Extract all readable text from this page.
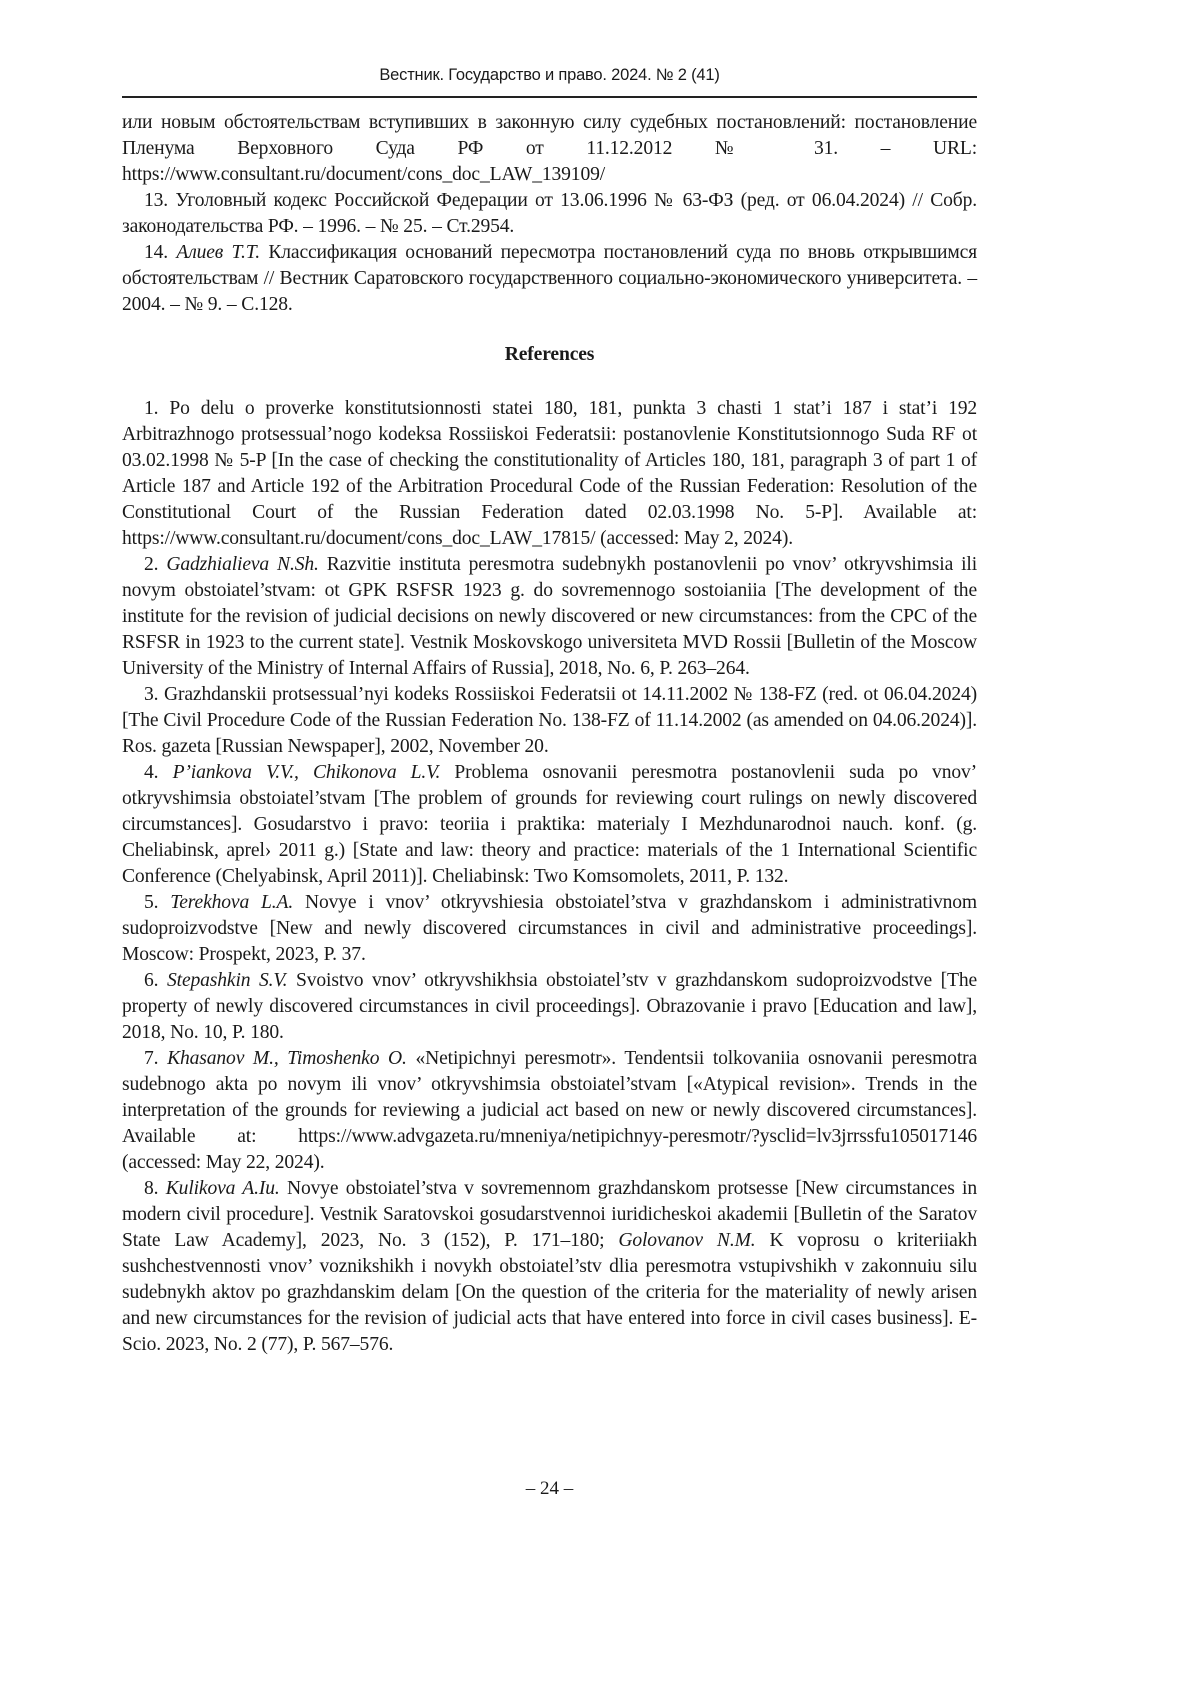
Вестник. Государство и право. 2024. № 2 (41)

или новым обстоятельствам вступивших в законную силу судебных постановлений: постановление Пленума Верховного Суда РФ от 11.12.2012 № 31. – URL: https://www.consultant.ru/document/cons_doc_LAW_139109/

13. Уголовный кодекс Российской Федерации от 13.06.1996 № 63-ФЗ (ред. от 06.04.2024) // Собр. законодательства РФ. – 1996. – № 25. – Ст.2954.

14. Алиев Т.Т. Классификация оснований пересмотра постановлений суда по вновь открывшимся обстоятельствам // Вестник Саратовского государственного социально-экономического университета. – 2004. – № 9. – С.128.

References

1. Po delu o proverke konstitutsionnosti statei 180, 181, punkta 3 chasti 1 stat’i 187 i stat’i 192 Arbitrazhnogo protsessual’nogo kodeksa Rossiiskoi Federatsii: postanovlenie Konstitutsionnogo Suda RF ot 03.02.1998 № 5-P [In the case of checking the constitutionality of Articles 180, 181, paragraph 3 of part 1 of Article 187 and Article 192 of the Arbitration Procedural Code of the Russian Federation: Resolution of the Constitutional Court of the Russian Federation dated 02.03.1998 No. 5-P]. Available at: https://www.consultant.ru/document/cons_doc_LAW_17815/ (accessed: May 2, 2024).

2. Gadzhialieva N.Sh. Razvitie instituta peresmotra sudebnykh postanovlenii po vnov’ otkryvshimsia ili novym obstoiatel’stvam: ot GPK RSFSR 1923 g. do sovremennogo sostoianiia [The development of the institute for the revision of judicial decisions on newly discovered or new circumstances: from the CPC of the RSFSR in 1923 to the current state]. Vestnik Moskovskogo universiteta MVD Rossii [Bulletin of the Moscow University of the Ministry of Internal Affairs of Russia], 2018, No. 6, P. 263–264.

3. Grazhdanskii protsessual’nyi kodeks Rossiiskoi Federatsii ot 14.11.2002 № 138-FZ (red. ot 06.04.2024) [The Civil Procedure Code of the Russian Federation No. 138-FZ of 11.14.2002 (as amended on 04.06.2024)]. Ros. gazeta [Russian Newspaper], 2002, November 20.

4. P’iankova V.V., Chikonova L.V. Problema osnovanii peresmotra postanovlenii suda po vnov’ otkryvshimsia obstoiatel’stvam [The problem of grounds for reviewing court rulings on newly discovered circumstances]. Gosudarstvo i pravo: teoriia i praktika: materialy I Mezhdunarodnoi nauch. konf. (g. Cheliabinsk, aprel› 2011 g.) [State and law: theory and practice: materials of the 1 International Scientific Conference (Chelyabinsk, April 2011)]. Cheliabinsk: Two Komsomolets, 2011, P. 132.

5. Terekhova L.A. Novye i vnov’ otkryvshiesia obstoiatel’stva v grazhdanskom i administrativnom sudoproizvodstve [New and newly discovered circumstances in civil and administrative proceedings]. Moscow: Prospekt, 2023, P. 37.

6. Stepashkin S.V. Svoistvo vnov’ otkryvshikhsia obstoiatel’stv v grazhdanskom sudoproizvodstve [The property of newly discovered circumstances in civil proceedings]. Obrazovanie i pravo [Education and law], 2018, No. 10, P. 180.

7. Khasanov M., Timoshenko O. «Netipichnyi peresmotr». Tendentsii tolkovaniia osnovanii peresmotra sudebnogo akta po novym ili vnov’ otkryvshimsia obstoiatel’stvam [«Atypical revision». Trends in the interpretation of the grounds for reviewing a judicial act based on new or newly discovered circumstances]. Available at: https://www.advgazeta.ru/mneniya/netipichnyy-peresmotr/?ysclid=lv3jrrssfu105017146 (accessed: May 22, 2024).

8. Kulikova A.Iu. Novye obstoiatel’stva v sovremennom grazhdanskom protsesse [New circumstances in modern civil procedure]. Vestnik Saratovskoi gosudarstvennoi iuridicheskoi akademii [Bulletin of the Saratov State Law Academy], 2023, No. 3 (152), P. 171–180; Golovanov N.M. K voprosu o kriteriiakh sushchestvennosti vnov’ voznikshikh i novykh obstoiatel’stv dlia peresmotra vstupivshikh v zakonnuiu silu sudebnykh aktov po grazhdanskim delam [On the question of the criteria for the materiality of newly arisen and new circumstances for the revision of judicial acts that have entered into force in civil cases business]. E-Scio. 2023, No. 2 (77), P. 567–576.

– 24 –
